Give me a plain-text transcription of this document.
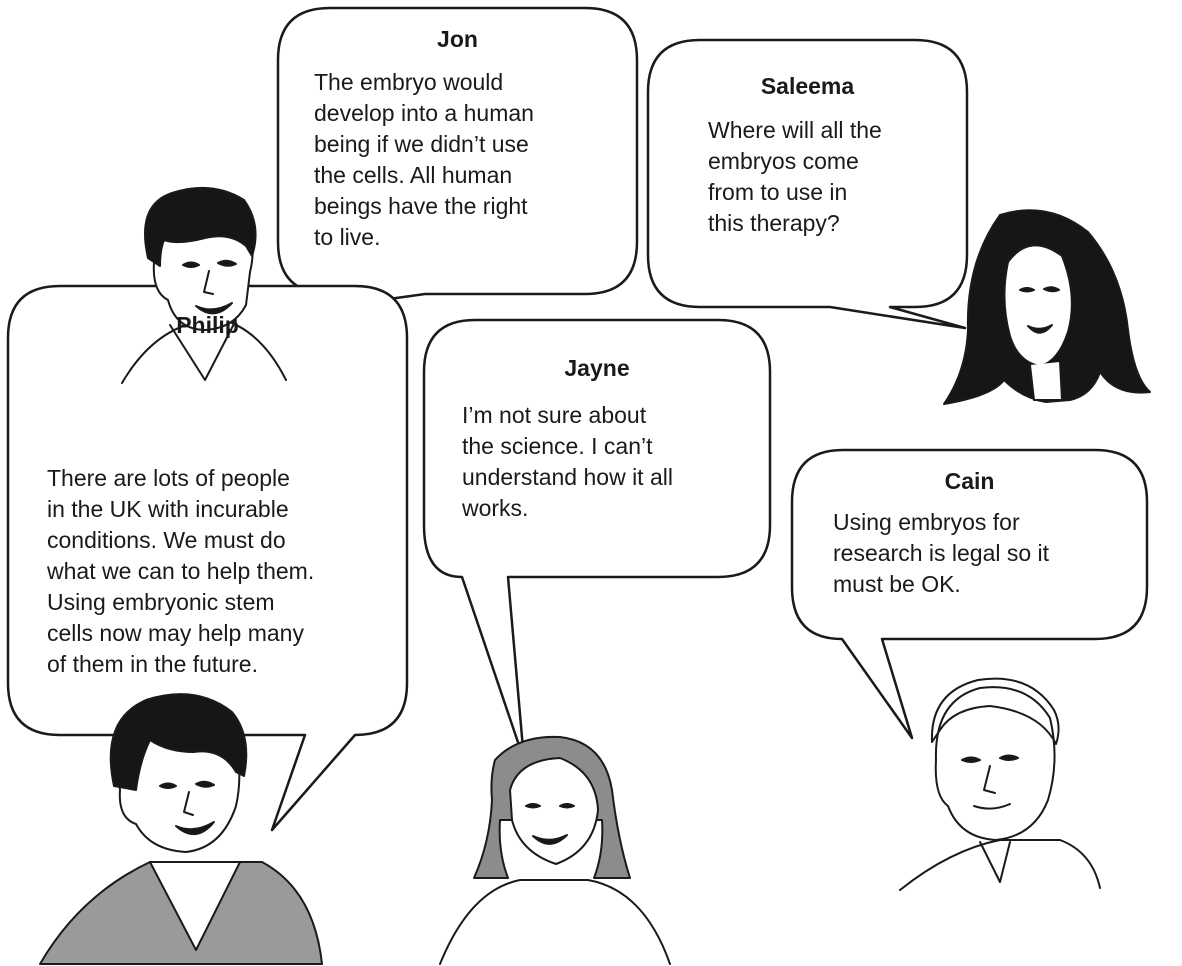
Jon
The embryo would
develop into a human
being if we didn’t use
the cells. All human
beings have the right
to live.
Saleema
Where will all the
embryos come
from to use in
this therapy?
Philip
There are lots of people
in the UK with incurable
conditions. We must do
what we can to help them.
Using embryonic stem
cells now may help many
of them in the future.
Jayne
I’m not sure about
the science. I can’t
understand how it all
works.
Cain
Using embryos for
research is legal so it
must be OK.
